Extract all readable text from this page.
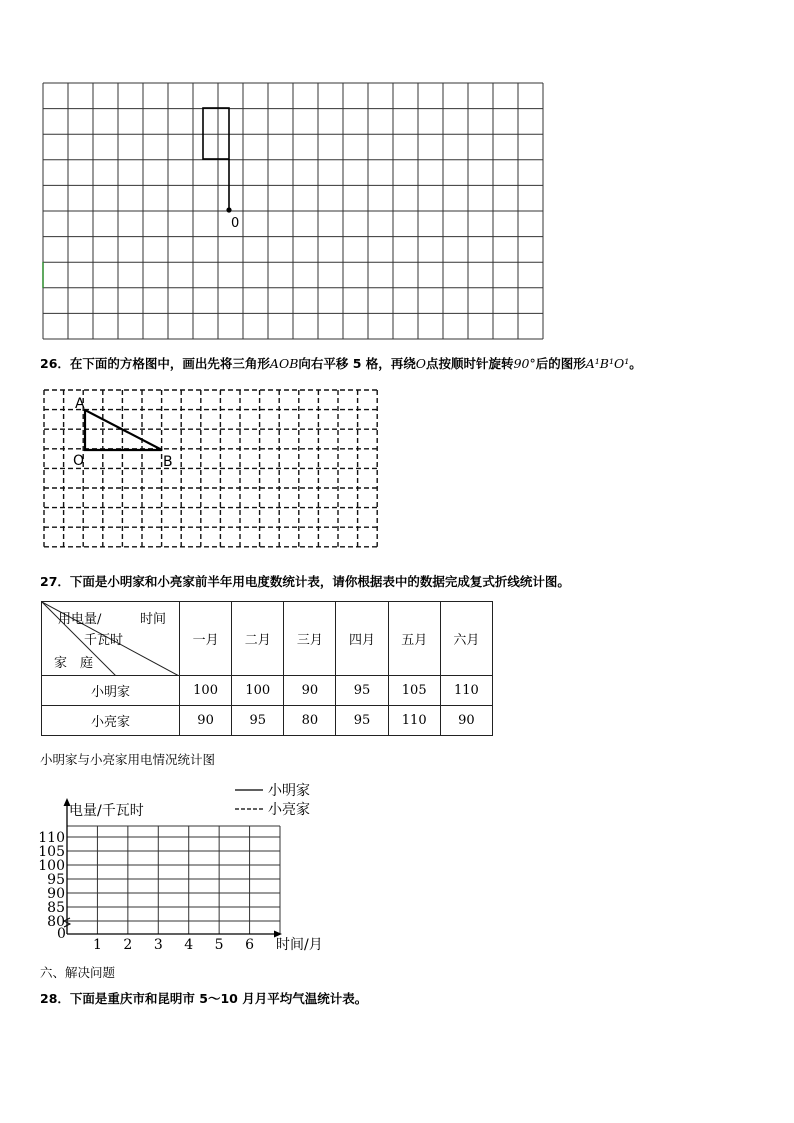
0
26．在下面的方格图中，画出先将三角形AOB向右平移 5 格，再绕O点按顺时针旋转90°后的图形A¹B¹O¹。
A
O	B
27．下面是小明家和小亮家前半年用电度数统计表，请你根据表中的数据完成复式折线统计图。
用电量/ 时间
千瓦时
家　庭	一月	二月	三月	四月	五月	六月
小明家	100	100	90	95	105	110
小亮家	90	95	80	95	110	90
小明家与小亮家用电情况统计图
110
105
100
95
90
85
80
0
1 2 3 4 5 6
电量/千瓦时
时间/月
小明家
小亮家
六、解决问题
28．下面是重庆市和昆明市 5～10 月月平均气温统计表。
